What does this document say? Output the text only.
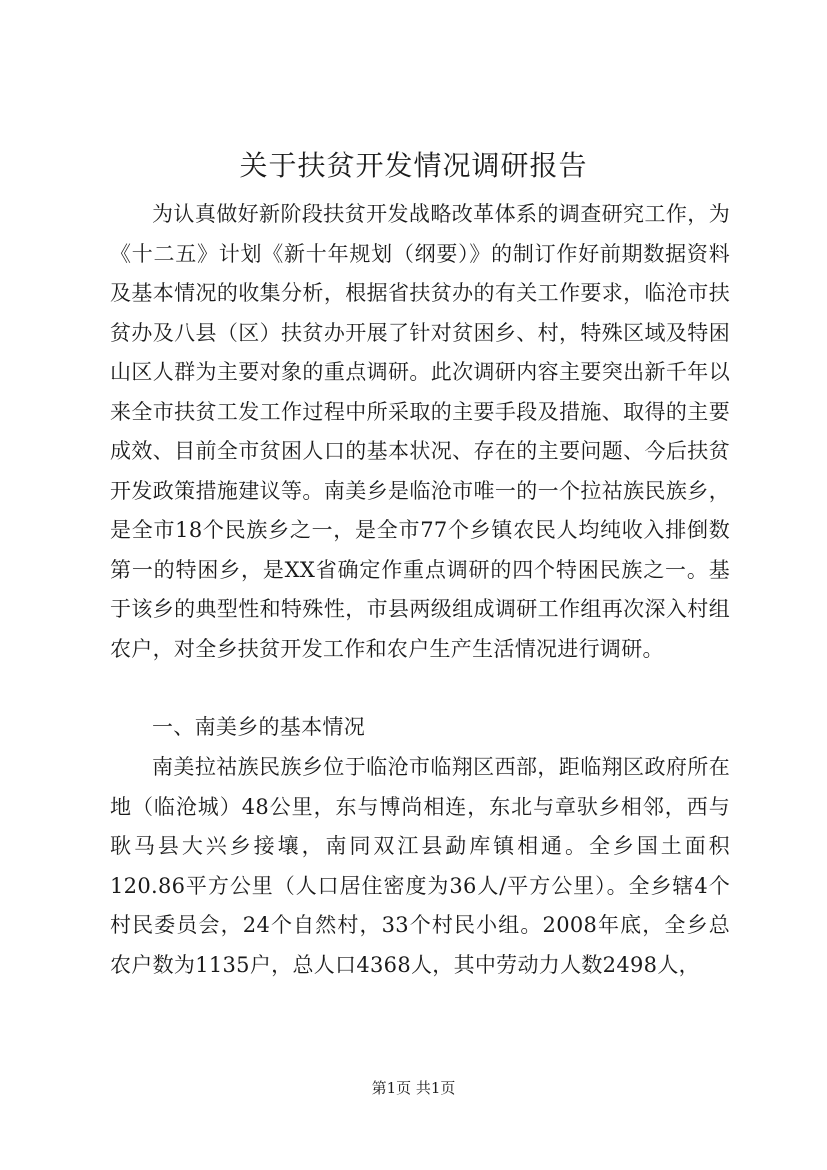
关于扶贫开发情况调研报告

为认真做好新阶段扶贫开发战略改革体系的调查研究工作，为《十二五》计划《新十年规划（纲要）》的制订作好前期数据资料及基本情况的收集分析，根据省扶贫办的有关工作要求，临沧市扶贫办及八县（区）扶贫办开展了针对贫困乡、村，特殊区域及特困山区人群为主要对象的重点调研。此次调研内容主要突出新千年以来全市扶贫工发工作过程中所采取的主要手段及措施、取得的主要成效、目前全市贫困人口的基本状况、存在的主要问题、今后扶贫开发政策措施建议等。南美乡是临沧市唯一的一个拉祜族民族乡，是全市18个民族乡之一，是全市77个乡镇农民人均纯收入排倒数第一的特困乡，是XX省确定作重点调研的四个特困民族之一。基于该乡的典型性和特殊性，市县两级组成调研工作组再次深入村组农户，对全乡扶贫开发工作和农户生产生活情况进行调研。

一、南美乡的基本情况

南美拉祜族民族乡位于临沧市临翔区西部，距临翔区政府所在地（临沧城）48公里，东与博尚相连，东北与章驮乡相邻，西与耿马县大兴乡接壤，南同双江县勐库镇相通。全乡国土面积120.86平方公里（人口居住密度为36人/平方公里）。全乡辖4个村民委员会，24个自然村，33个村民小组。2008年底，全乡总农户数为1135户，总人口4368人，其中劳动力人数2498人，

第1页 共1页
